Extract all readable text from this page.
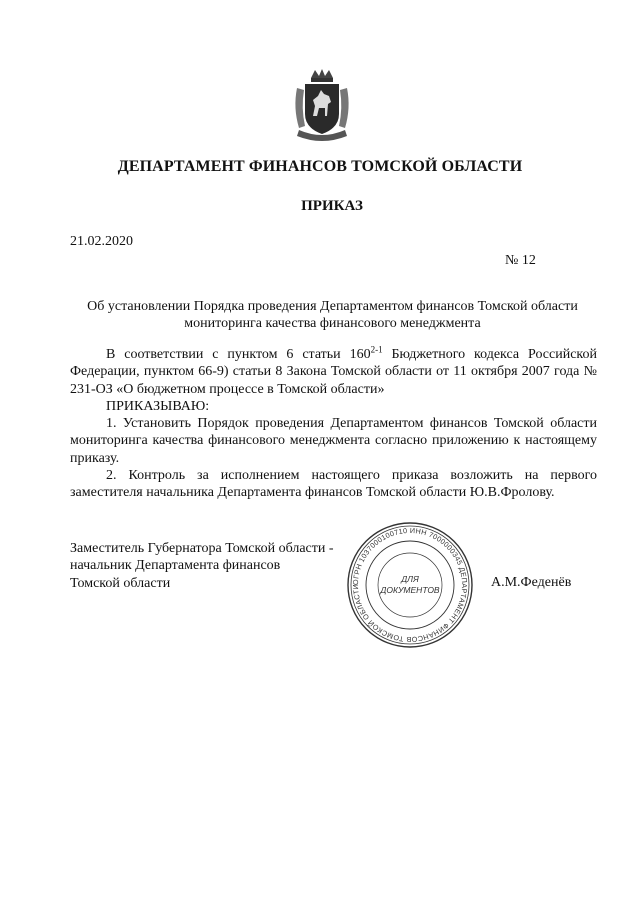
ДЕПАРТАМЕНТ ФИНАНСОВ ТОМСКОЙ ОБЛАСТИ
ПРИКАЗ
21.02.2020
№ 12
Об установлении Порядка проведения Департаментом финансов Томской области
мониторинга качества финансового менеджмента

В соответствии с пунктом 6 статьи 160$^{2-1}$ Бюджетного кодекса Российской Федерации, пунктом 66-9) статьи 8 Закона Томской области от 11 октября 2007 года № 231-ОЗ «О бюджетном процессе в Томской области»

ПРИКАЗЫВАЮ:

1. Установить Порядок проведения Департаментом финансов Томской области мониторинга качества финансового менеджмента согласно приложению к настоящему приказу.

2. Контроль за исполнением настоящего приказа возложить на первого заместителя начальника Департамента финансов Томской области Ю.В.Фролову.

Заместитель Губернатора Томской области -
начальник Департамента финансов
Томской области	ОГРН 1037000100710 ИНН 7000000345 ДЕПАРТАМЕНТ ФИНАНСОВ ТОМСКОЙ ОБЛАСТИ
ДЛЯ
ДОКУМЕНТОВ	А.М.Феденёв
